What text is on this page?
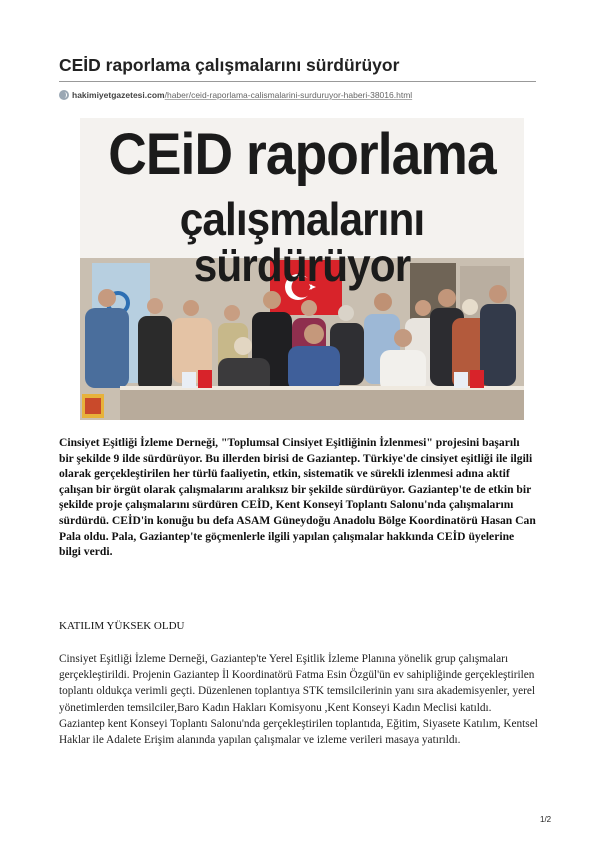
CEİD raporlama çalışmalarını sürdürüyor
hakimiyetgazetesi.com /haber/ceid-raporlama-calismalarini-surduruyor-haberi-38016.html
CEiD raporlama
çalışmalarını sürdürüyor

Cinsiyet Eşitliği İzleme Derneği, "Toplumsal Cinsiyet Eşitliğinin İzlenmesi" projesini başarılı bir şekilde 9 ilde sürdürüyor. Bu illerden birisi de Gaziantep. Türkiye'de cinsiyet eşitliği ile ilgili olarak gerçekleştirilen her türlü faaliyetin, etkin, sistematik ve sürekli izlenmesi adına aktif çalışan bir örgüt olarak çalışmalarını aralıksız bir şekilde sürdürüyor. Gaziantep'te de etkin bir şekilde proje çalışmalarını sürdüren CEİD, Kent Konseyi Toplantı Salonu'nda çalışmalarını sürdürdü. CEİD'in konuğu bu defa ASAM Güneydoğu Anadolu Bölge Koordinatörü Hasan Can Pala oldu. Pala, Gaziantep'te göçmenlerle ilgili yapılan çalışmalar hakkında CEİD üyelerine bilgi verdi.

KATILIM YÜKSEK OLDU

Cinsiyet Eşitliği İzleme Derneği, Gaziantep'te Yerel Eşitlik İzleme Planına yönelik grup çalışmaları gerçekleştirildi. Projenin Gaziantep İl Koordinatörü Fatma Esin Özgül'ün ev sahipliğinde gerçekleştirilen toplantı oldukça verimli geçti. Düzenlenen toplantıya STK temsilcilerinin yanı sıra akademisyenler, yerel yönetimlerden temsilciler,Baro Kadın Hakları Komisyonu ,Kent Konseyi Kadın Meclisi katıldı. Gaziantep kent Konseyi Toplantı Salonu'nda gerçekleştirilen toplantıda, Eğitim, Siyasete Katılım, Kentsel Haklar ile Adalete Erişim alanında yapılan çalışmalar ve izleme verileri masaya yatırıldı.

1/2
